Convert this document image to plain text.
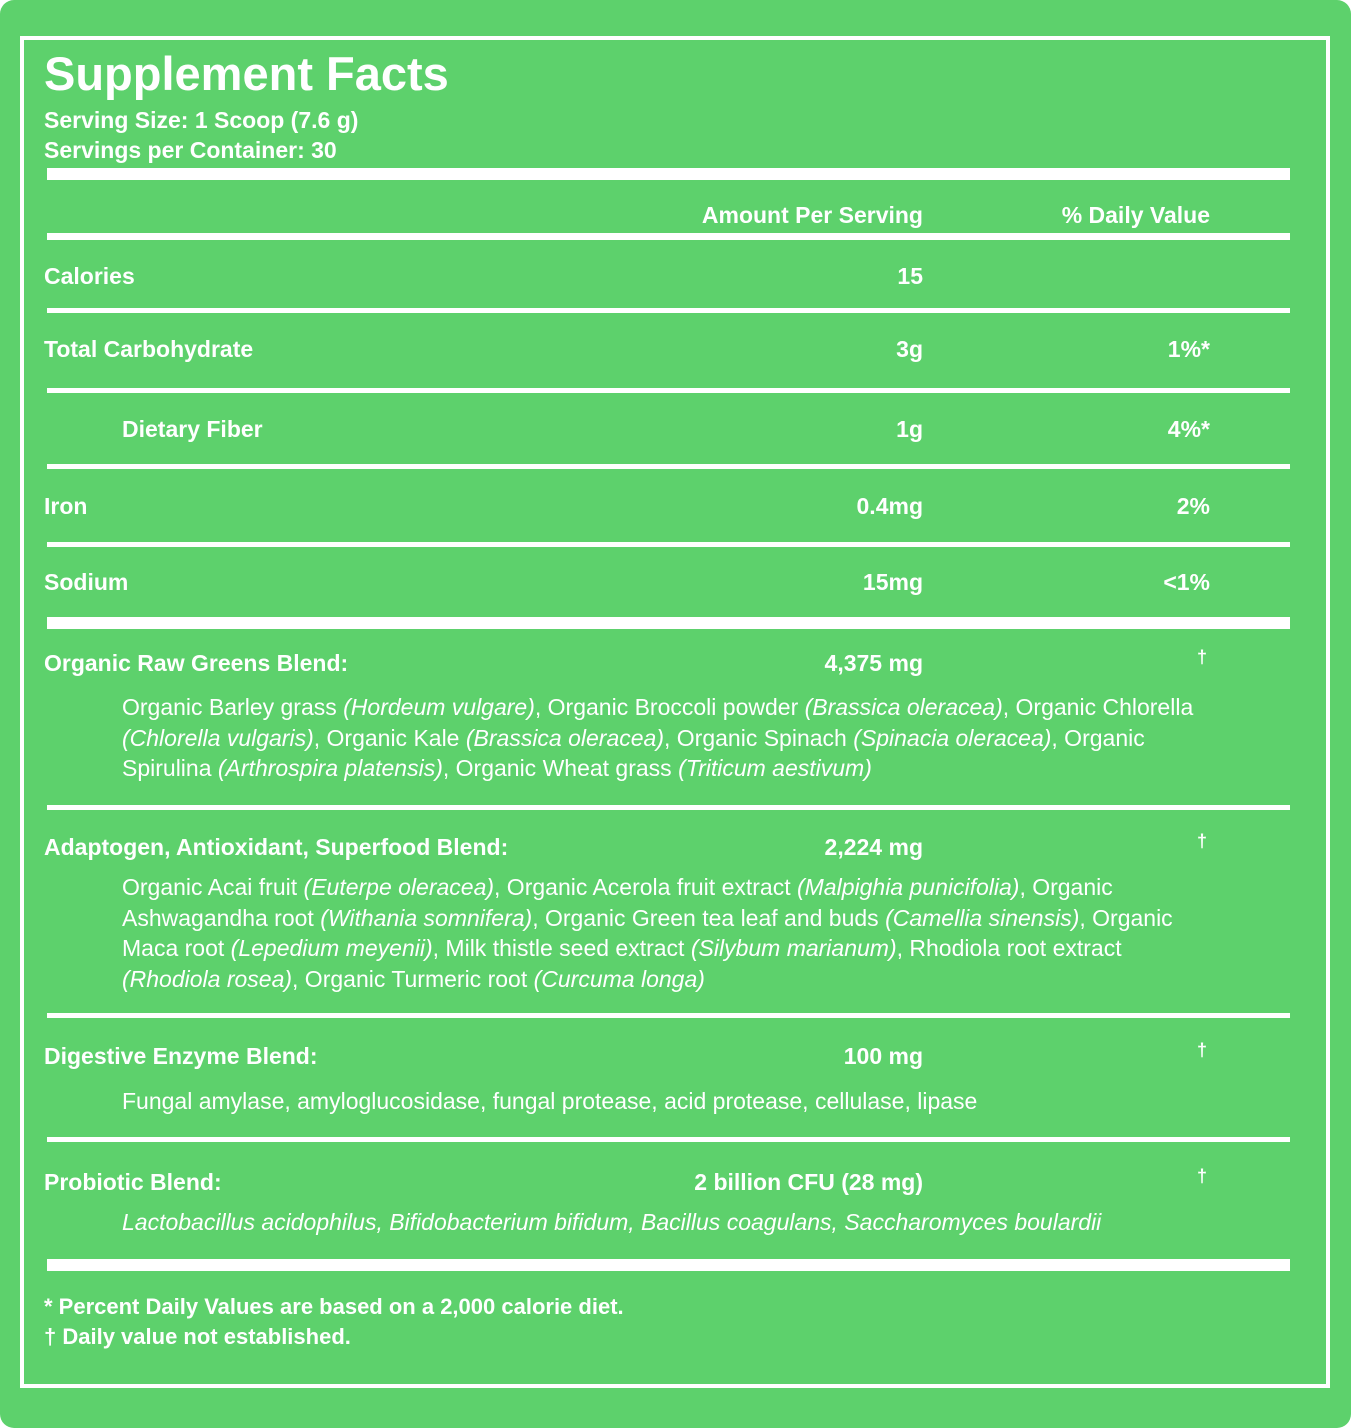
Supplement Facts
Serving Size: 1 Scoop (7.6 g)
Servings per Container: 30
Amount Per Serving	% Daily Value
Calories	15
Total Carbohydrate	3g	1%*
Dietary Fiber	1g	4%*
Iron	0.4mg	2%
Sodium	15mg	<1%
Organic Raw Greens Blend:	4,375 mg	†
Organic Barley grass (Hordeum vulgare), Organic Broccoli powder (Brassica oleracea), Organic Chlorella (Chlorella vulgaris), Organic Kale (Brassica oleracea), Organic Spinach (Spinacia oleracea), Organic Spirulina (Arthrospira platensis), Organic Wheat grass (Triticum aestivum)
Adaptogen, Antioxidant, Superfood Blend:	2,224 mg	†
Organic Acai fruit (Euterpe oleracea), Organic Acerola fruit extract (Malpighia punicifolia), Organic Ashwagandha root (Withania somnifera), Organic Green tea leaf and buds (Camellia sinensis), Organic Maca root (Lepedium meyenii), Milk thistle seed extract (Silybum marianum), Rhodiola root extract (Rhodiola rosea), Organic Turmeric root (Curcuma longa)
Digestive Enzyme Blend:	100 mg	†
Fungal amylase, amyloglucosidase, fungal protease, acid protease, cellulase, lipase
Probiotic Blend:	2 billion CFU (28 mg)	†
Lactobacillus acidophilus, Bifidobacterium bifidum, Bacillus coagulans, Saccharomyces boulardii
* Percent Daily Values are based on a 2,000 calorie diet.
† Daily value not established.
